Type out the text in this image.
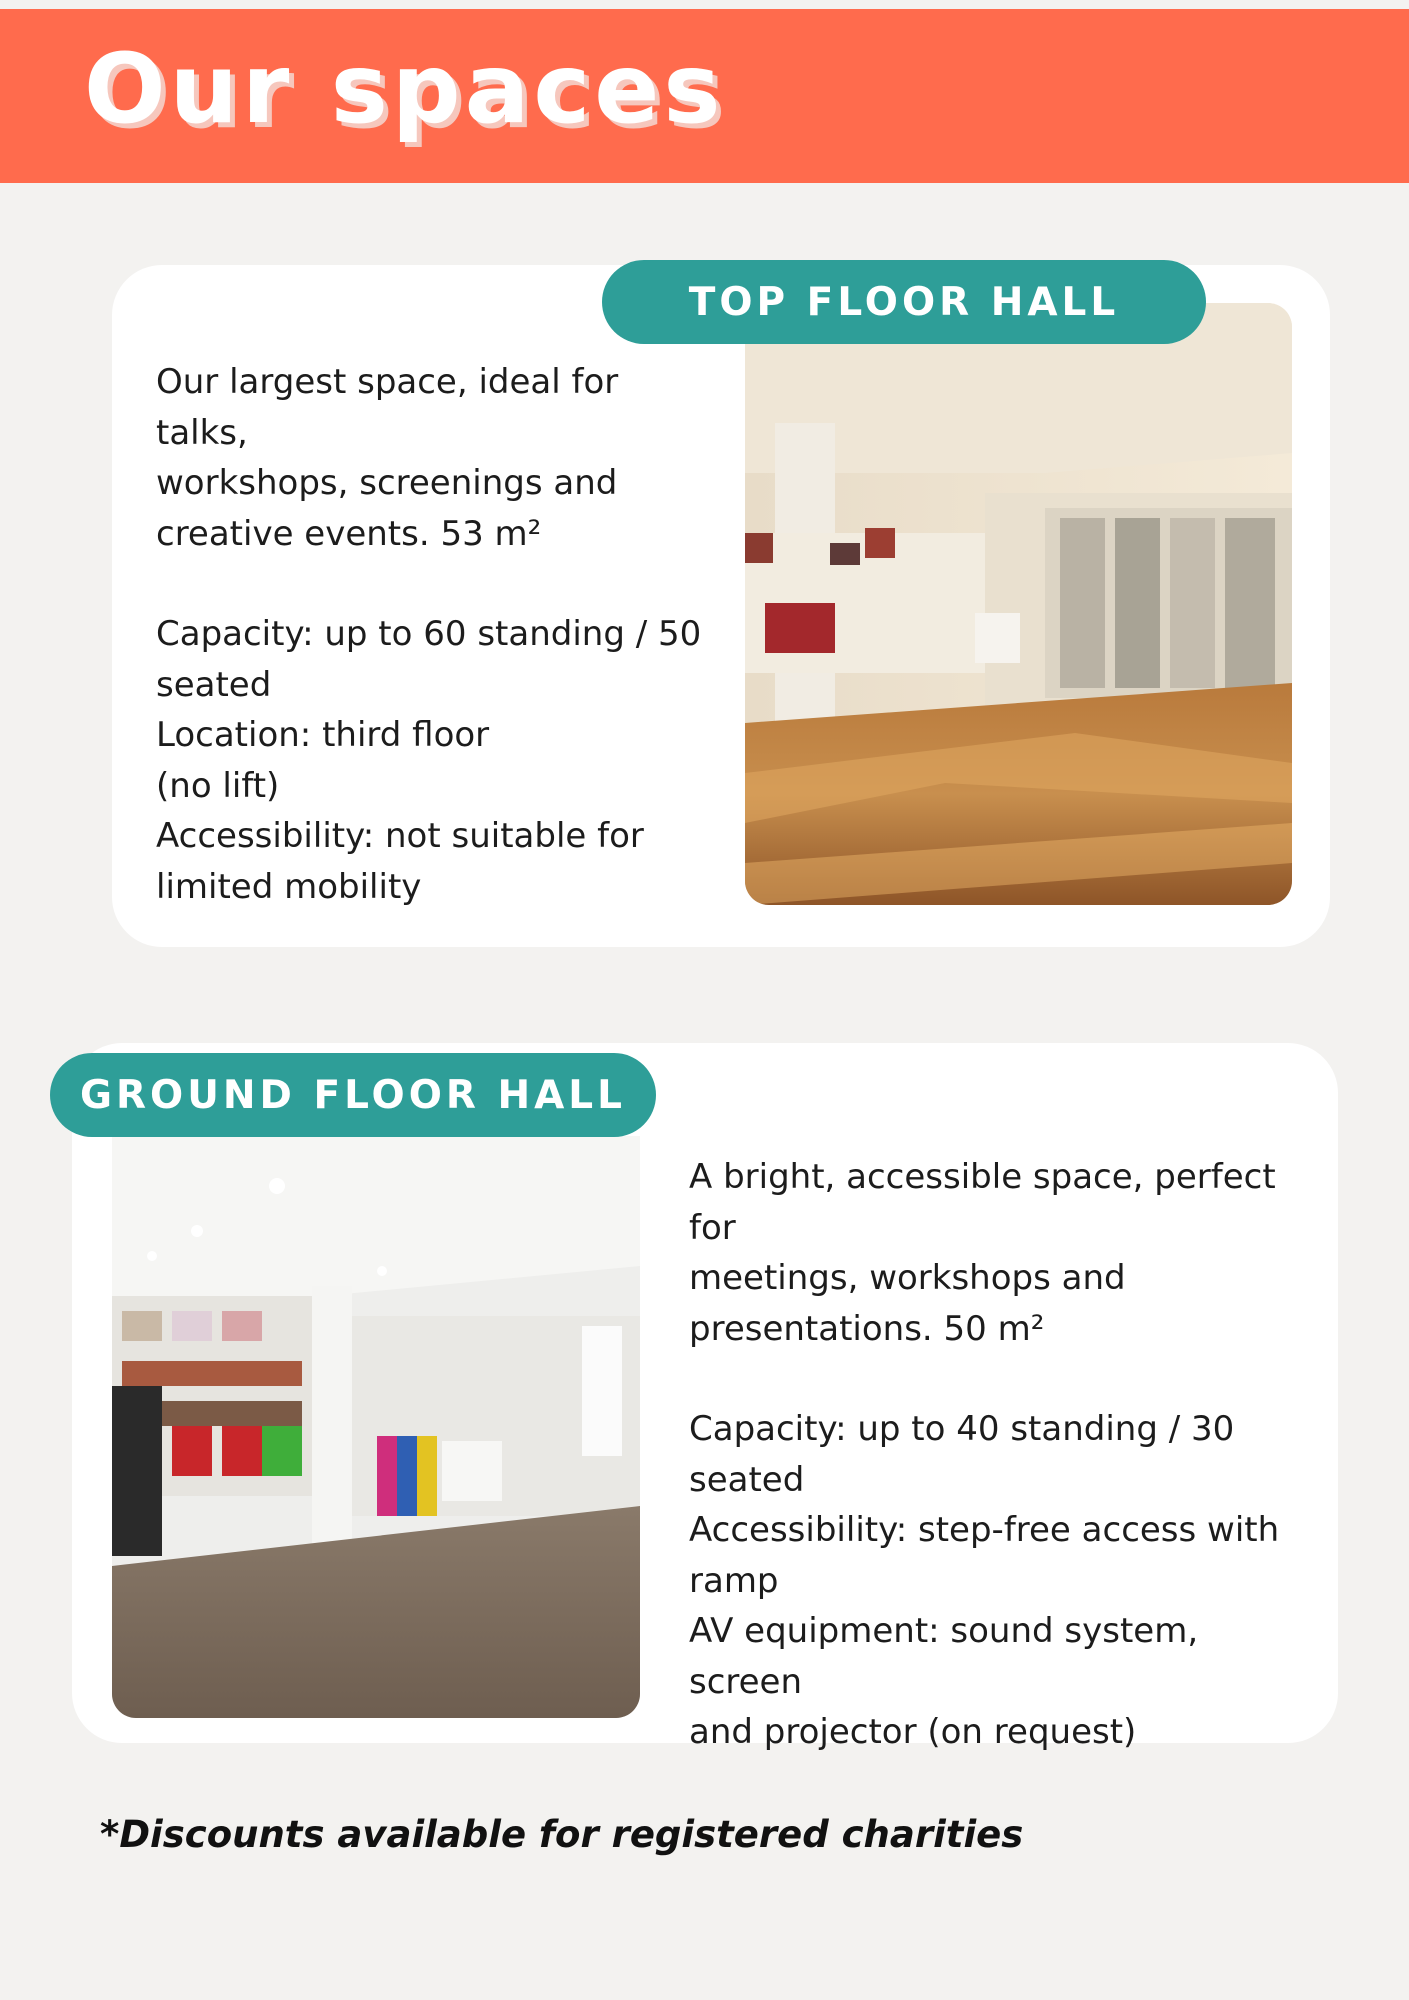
Our spaces

Our largest space, ideal for talks,

workshops, screenings and

creative events. 53 m²

Capacity: up to 60 standing / 50

seated

Location: third floor

(no lift)

Accessibility: not suitable for

limited mobility

TOP FLOOR HALL
GROUND FLOOR HALL

A bright, accessible space, perfect for

meetings, workshops and

presentations. 50 m²

Capacity: up to 40 standing / 30

seated

Accessibility: step-free access with

ramp

AV equipment: sound system, screen

and projector (on request)

*Discounts available for registered charities
